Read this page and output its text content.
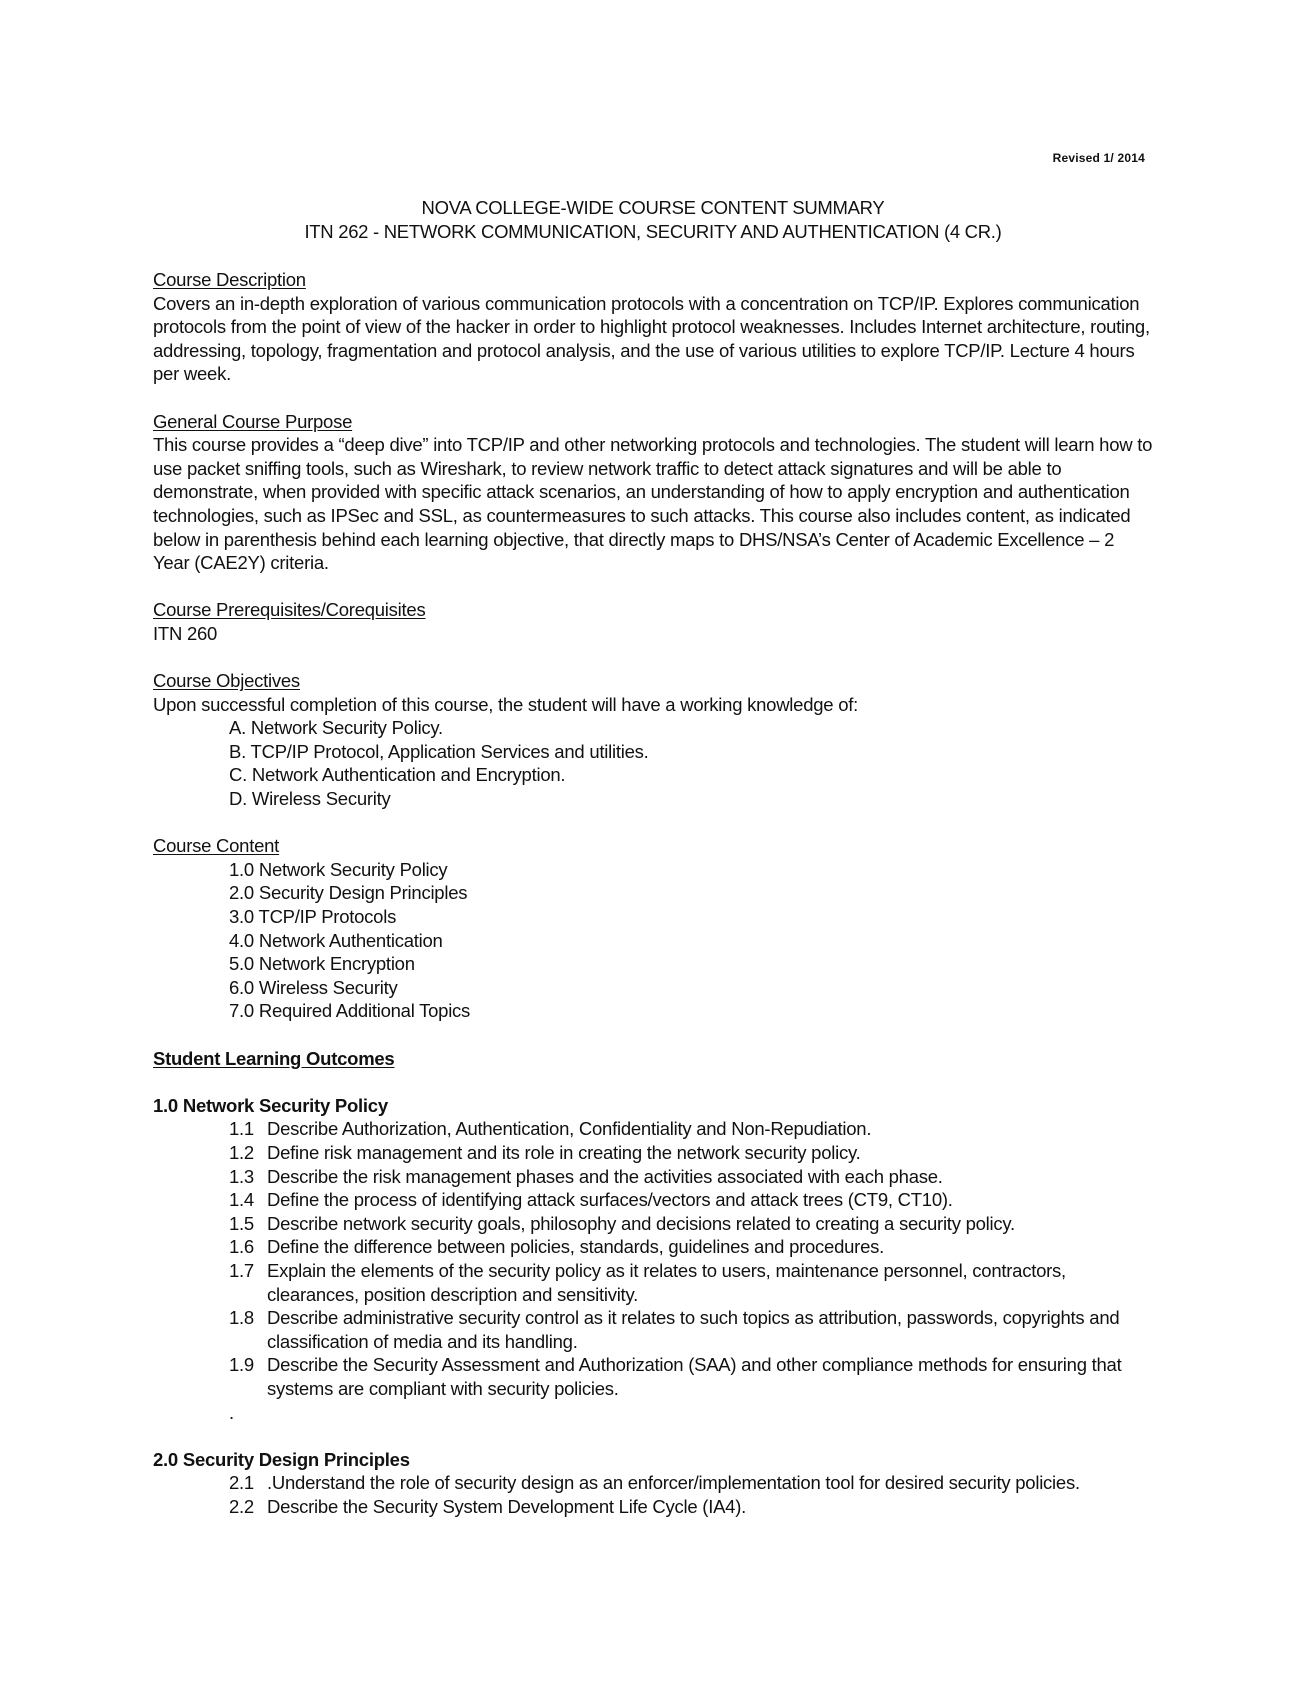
Revised 1/ 2014
NOVA COLLEGE-WIDE COURSE CONTENT SUMMARY
ITN 262 - NETWORK COMMUNICATION, SECURITY AND AUTHENTICATION (4 CR.)
Course Description

Covers an in-depth exploration of various communication protocols with a concentration on TCP/IP. Explores communication protocols from the point of view of the hacker in order to highlight protocol weaknesses. Includes Internet architecture, routing, addressing, topology, fragmentation and protocol analysis, and the use of various utilities to explore TCP/IP. Lecture 4 hours per week.

General Course Purpose

This course provides a “deep dive” into TCP/IP and other networking protocols and technologies. The student will learn how to use packet sniffing tools, such as Wireshark, to review network traffic to detect attack signatures and will be able to demonstrate, when provided with specific attack scenarios, an understanding of how to apply encryption and authentication technologies, such as IPSec and SSL, as countermeasures to such attacks. This course also includes content, as indicated below in parenthesis behind each learning objective, that directly maps to DHS/NSA’s Center of Academic Excellence – 2 Year (CAE2Y) criteria.

Course Prerequisites/Corequisites

ITN 260

Course Objectives

Upon successful completion of this course, the student will have a working knowledge of:

A. Network Security Policy.
B. TCP/IP Protocol, Application Services and utilities.
C. Network Authentication and Encryption.
D. Wireless Security
Course Content
1.0 Network Security Policy
2.0 Security Design Principles
3.0 TCP/IP Protocols
4.0 Network Authentication
5.0 Network Encryption
6.0 Wireless Security
7.0 Required Additional Topics
Student Learning Outcomes
1.0 Network Security Policy
1.1 Describe Authorization, Authentication, Confidentiality and Non-Repudiation.
1.2 Define risk management and its role in creating the network security policy.
1.3 Describe the risk management phases and the activities associated with each phase.
1.4 Define the process of identifying attack surfaces/vectors and attack trees (CT9, CT10).
1.5 Describe network security goals, philosophy and decisions related to creating a security policy.
1.6 Define the difference between policies, standards, guidelines and procedures.
1.7 Explain the elements of the security policy as it relates to users, maintenance personnel, contractors, clearances, position description and sensitivity.
1.8 Describe administrative security control as it relates to such topics as attribution, passwords, copyrights and classification of media and its handling.
1.9 Describe the Security Assessment and Authorization (SAA) and other compliance methods for ensuring that systems are compliant with security policies.
.
2.0 Security Design Principles
2.1 .Understand the role of security design as an enforcer/implementation tool for desired security policies.
2.2 Describe the Security System Development Life Cycle (IA4).
